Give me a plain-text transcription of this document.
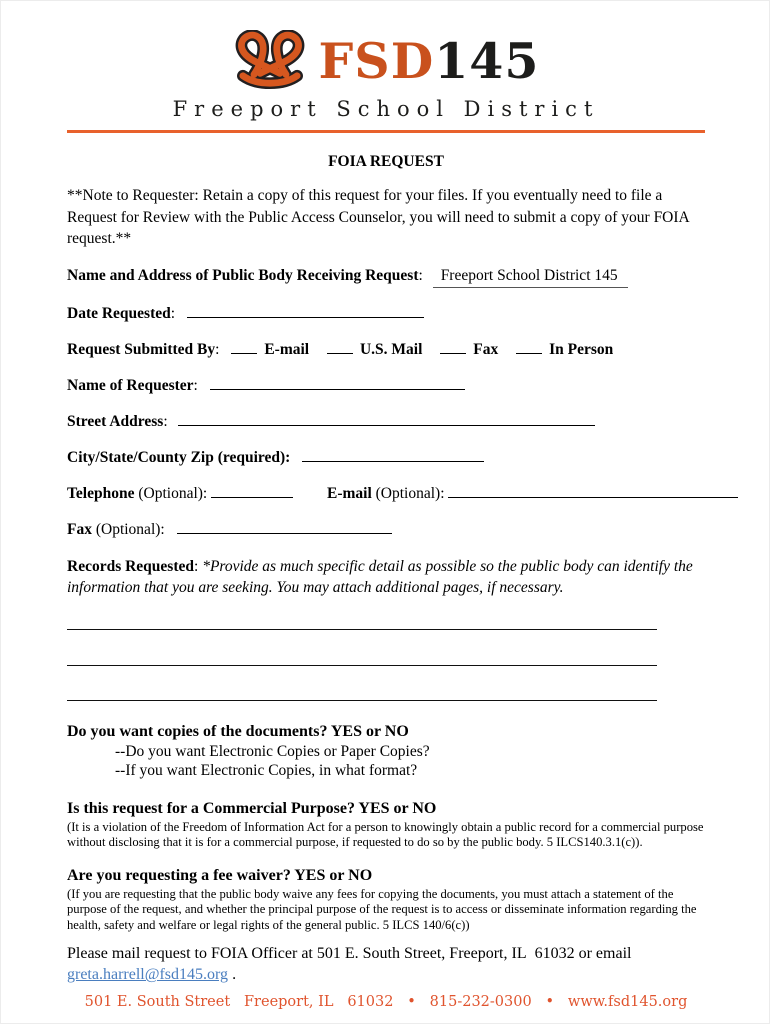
FSD145
Freeport School District
FOIA REQUEST
**Note to Requester: Retain a copy of this request for your files. If you eventually need to file a Request for Review with the Public Access Counselor, you will need to submit a copy of your FOIA request.**
Name and Address of Public Body Receiving Request: Freeport School District 145
Date Requested:
Request Submitted By:	E-mail	U.S. Mail	Fax	In Person
Name of Requester:
Street Address:
City/State/County Zip (required):
Telephone (Optional):	E-mail (Optional):
Fax (Optional):
Records Requested: *Provide as much specific detail as possible so the public body can identify the information that you are seeking. You may attach additional pages, if necessary.
Do you want copies of the documents? YES or NO
--Do you want Electronic Copies or Paper Copies?
--If you want Electronic Copies, in what format?
Is this request for a Commercial Purpose? YES or NO
(It is a violation of the Freedom of Information Act for a person to knowingly obtain a public record for a commercial purpose without disclosing that it is for a commercial purpose, if requested to do so by the public body. 5 ILCS140.3.1(c)).
Are you requesting a fee waiver? YES or NO
(If you are requesting that the public body waive any fees for copying the documents, you must attach a statement of the purpose of the request, and whether the principal purpose of the request is to access or disseminate information regarding the health, safety and welfare or legal rights of the general public. 5 ILCS 140/6(c))
Please mail request to FOIA Officer at 501 E. South Street, Freeport, IL  61032 or email
greta.harrell@fsd145.org .
501 E. South Street   Freeport, IL   61032   •   815-232-0300   •   www.fsd145.org
